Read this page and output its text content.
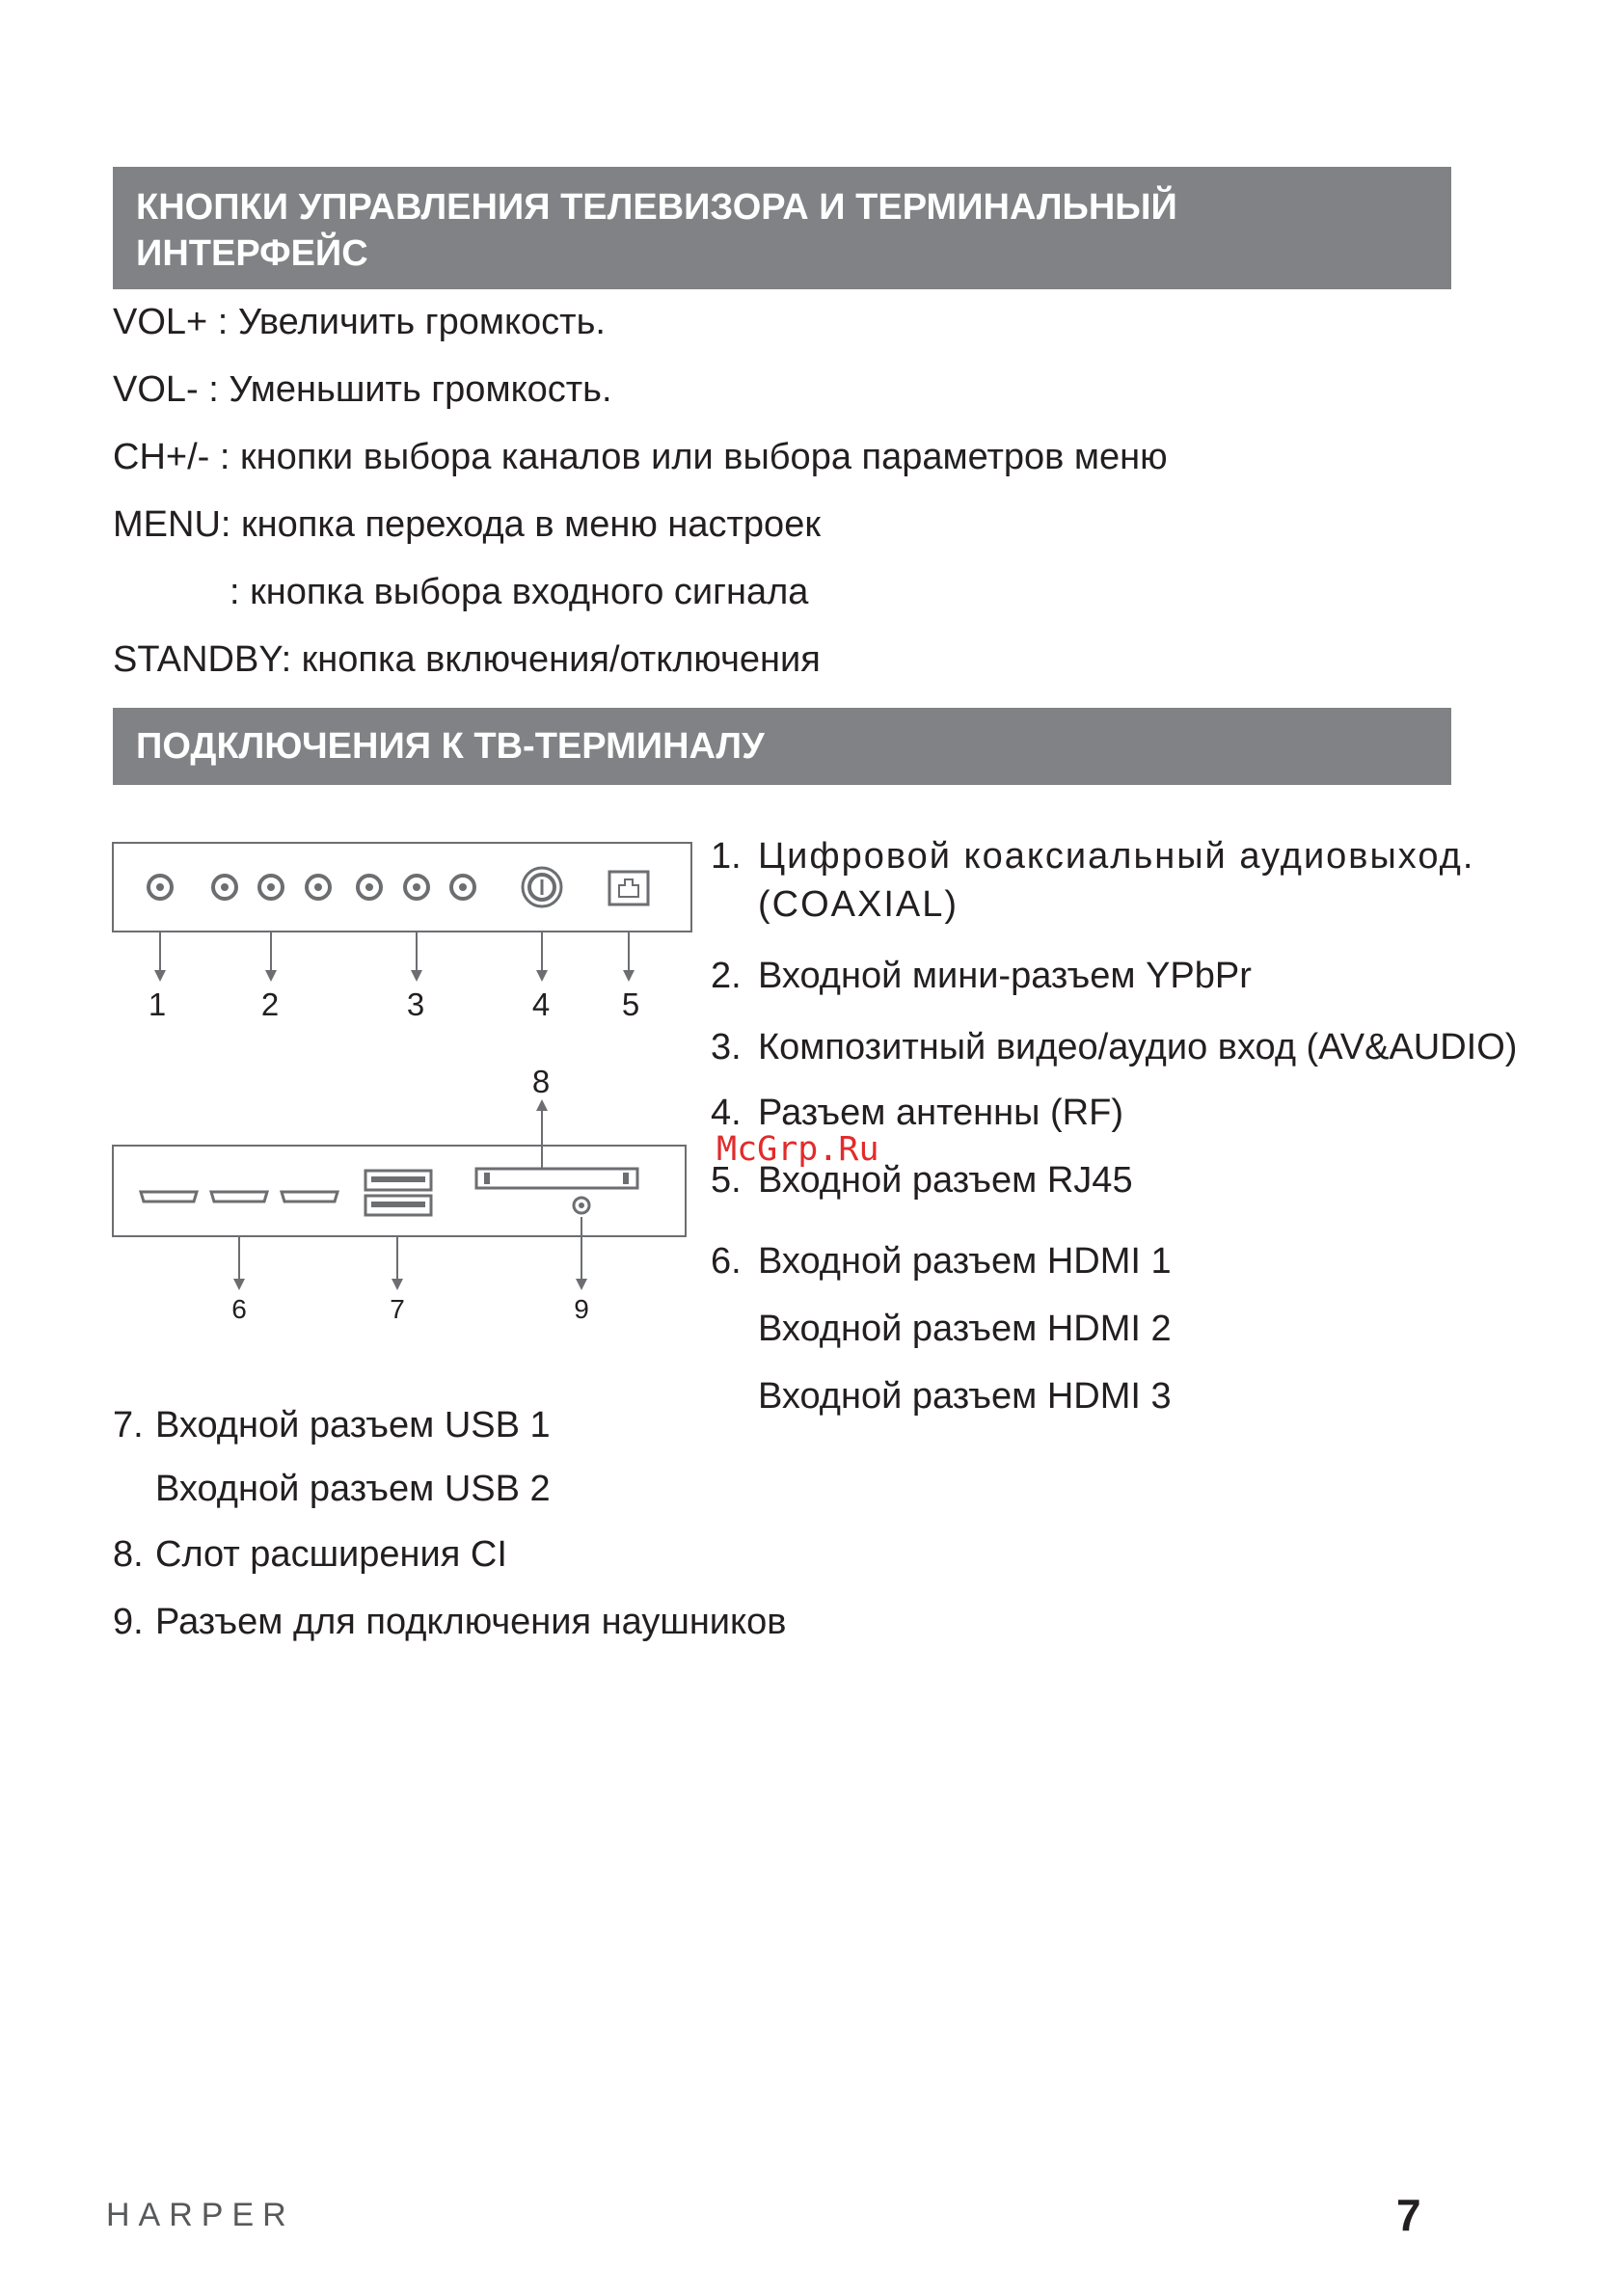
КНОПКИ УПРАВЛЕНИЯ ТЕЛЕВИЗОРА И ТЕРМИНАЛЬНЫЙ
ИНТЕРФЕЙС
VOL+ : Увеличить громкость.
VOL- : Уменьшить громкость.
CH+/- : кнопки выбора каналов или выбора параметров меню
MENU: кнопка перехода в меню настроек
: кнопка выбора входного сигнала
STANDBY: кнопка включения/отключения
ПОДКЛЮЧЕНИЯ К ТВ-ТЕРМИНАЛУ
1	2	3	4	5
8
6	7	9
1. Цифровой коаксиальный аудиовыход.
(COAXIAL)
2. Входной мини-разъем YPbPr
3. Композитный видео/аудио вход (AV&AUDIO)
4. Разъем антенны (RF)
5. Входной разъем RJ45
6. Входной разъем HDMI 1
Входной разъем HDMI 2
Входной разъем HDMI 3
McGrp.Ru
7. Входной разъем USB 1
Входной разъем USB 2
8. Слот расширения CI
9. Разъем для подключения наушников
HARPER	7
